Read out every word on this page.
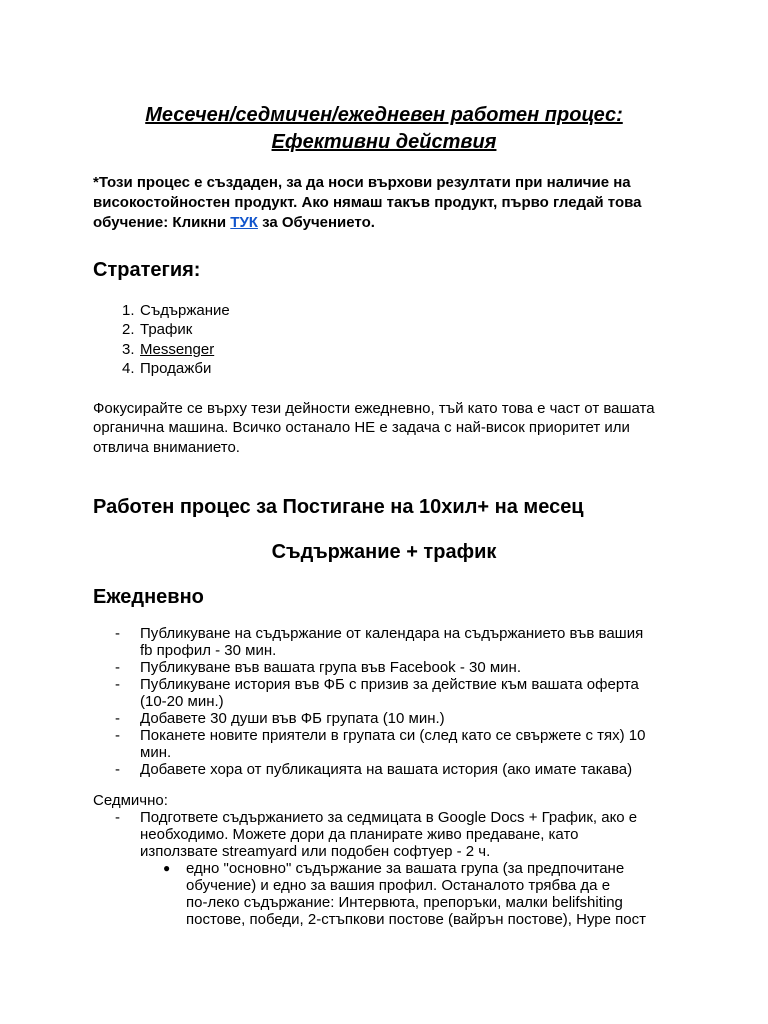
Месечен/седмичен/ежедневен работен процес:
Ефективни действия
*Този процес е създаден, за да носи върхови резултати при наличие на високостойностен продукт. Ако нямаш такъв продукт, първо гледай това обучение: Кликни ТУК за Обучението.
Стратегия:
1. Съдържание
2. Трафик
3. Messenger
4. Продажби
Фокусирайте се върху тези дейности ежедневно, тъй като това е част от вашата органична машина. Всичко останало НЕ е задача с най-висок приоритет или отвлича вниманието.
Работен процес за Постигане на 10хил+ на месец
Съдържание + трафик
Ежедневно
-	Публикуване на съдържание от календара на съдържанието във вашия
fb профил - 30 мин.
-	Публикуване във вашата група във Facebook - 30 мин.
-	Публикуване история във ФБ с призив за действие към вашата оферта
(10-20 мин.)
-	Добавете 30 души във ФБ групата (10 мин.)
-	Поканете новите приятели в групата си (след като се свържете с тях) 10
мин.
-	Добавете хора от публикацията на вашата история (ако имате такава)
Седмично:
-	Подгответе съдържанието за седмицата в Google Docs + График, ако е
необходимо. Можете дори да планирате живо предаване, като
използвате streamyard или подобен софтуер - 2 ч.
●	едно "основно" съдържание за вашата група (за предпочитане
обучение) и едно за вашия профил. Останалото трябва да е
по-леко съдържание: Интервюта, препоръки, малки belifshiting
постове, победи, 2-стъпкови постове (вайрън постове), Нуре пост
